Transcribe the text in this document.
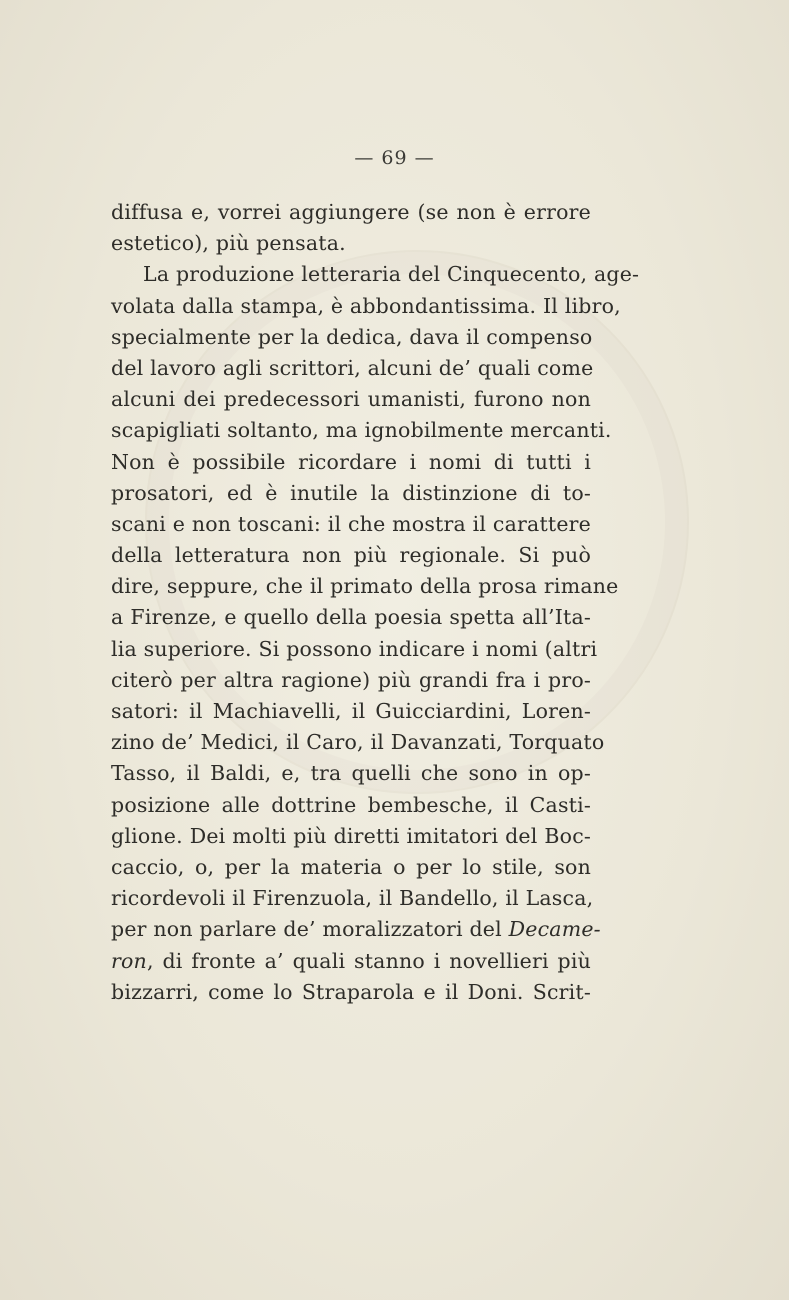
— 69 —
diffusa e, vorrei aggiungere (se non è errore
estetico), più pensata.
La produzione letteraria del Cinquecento, age-
volata dalla stampa, è abbondantissima. Il libro,
specialmente per la dedica, dava il compenso
del lavoro agli scrittori, alcuni de’ quali come
alcuni dei predecessori umanisti, furono non
scapigliati soltanto, ma ignobilmente mercanti.
Non è possibile ricordare i nomi di tutti i
prosatori, ed è inutile la distinzione di to-
scani e non toscani: il che mostra il carattere
della letteratura non più regionale. Si può
dire, seppure, che il primato della prosa rimane
a Firenze, e quello della poesia spetta all’Ita-
lia superiore. Si possono indicare i nomi (altri
citerò per altra ragione) più grandi fra i pro-
satori: il Machiavelli, il Guicciardini, Loren-
zino de’ Medici, il Caro, il Davanzati, Torquato
Tasso, il Baldi, e, tra quelli che sono in op-
posizione alle dottrine bembesche, il Casti-
glione. Dei molti più diretti imitatori del Boc-
caccio, o, per la materia o per lo stile, son
ricordevoli il Firenzuola, il Bandello, il Lasca,
per non parlare de’ moralizzatori del Decame-
ron, di fronte a’ quali stanno i novellieri più
bizzarri, come lo Straparola e il Doni. Scrit-
